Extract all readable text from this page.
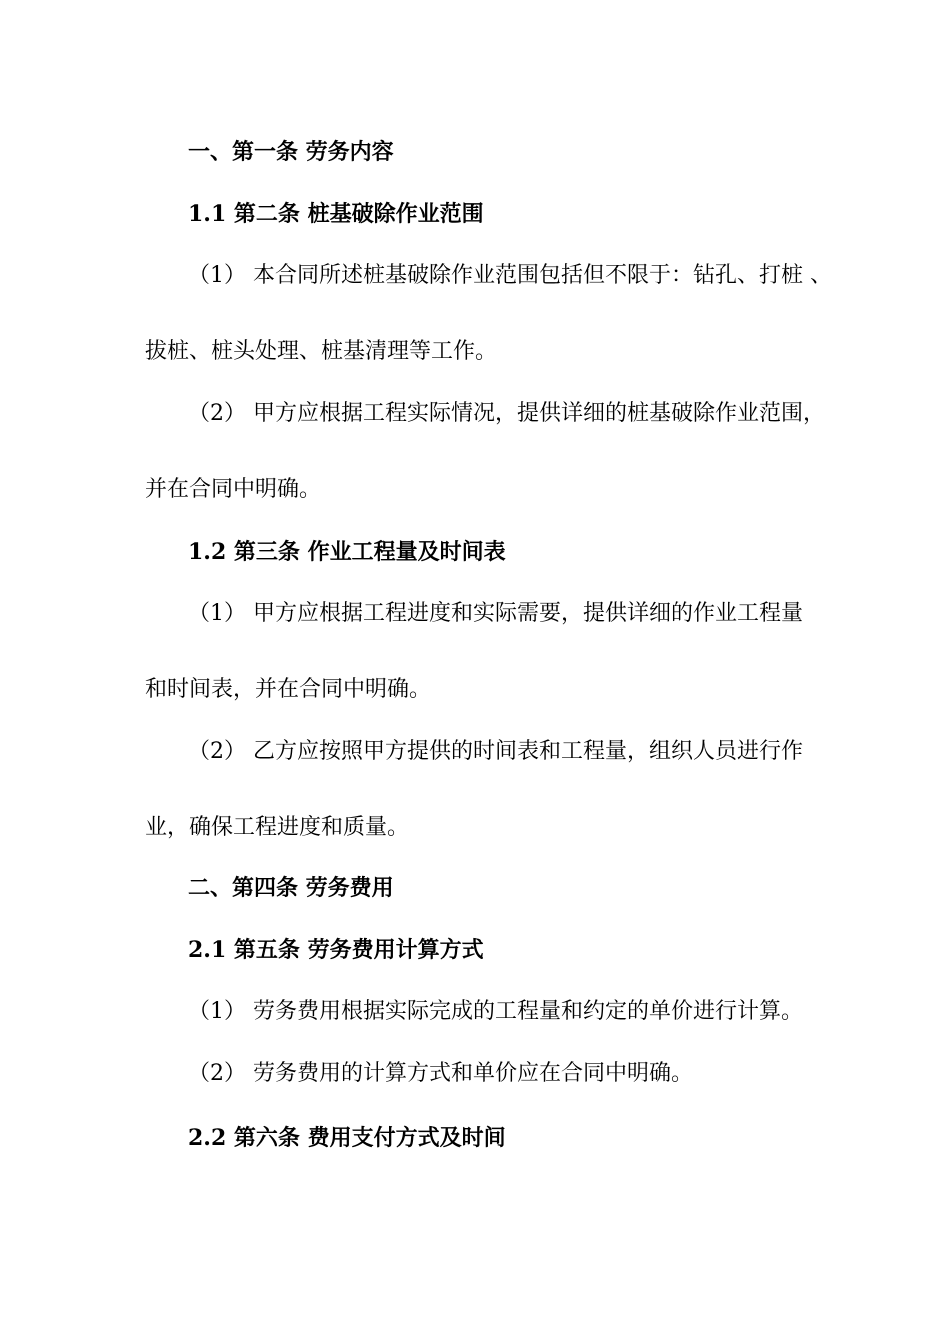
一、第一条 劳务内容
1.1 第二条 桩基破除作业范围
（1） 本合同所述桩基破除作业范围包括但不限于：钻孔、打桩 、
拔桩、桩头处理、桩基清理等工作。
（2） 甲方应根据工程实际情况，提供详细的桩基破除作业范围，
并在合同中明确。
1.2 第三条 作业工程量及时间表
（1） 甲方应根据工程进度和实际需要，提供详细的作业工程量
和时间表，并在合同中明确。
（2） 乙方应按照甲方提供的时间表和工程量，组织人员进行作
业，确保工程进度和质量。
二、第四条 劳务费用
2.1 第五条 劳务费用计算方式
（1） 劳务费用根据实际完成的工程量和约定的单价进行计算。
（2） 劳务费用的计算方式和单价应在合同中明确。
2.2 第六条 费用支付方式及时间
